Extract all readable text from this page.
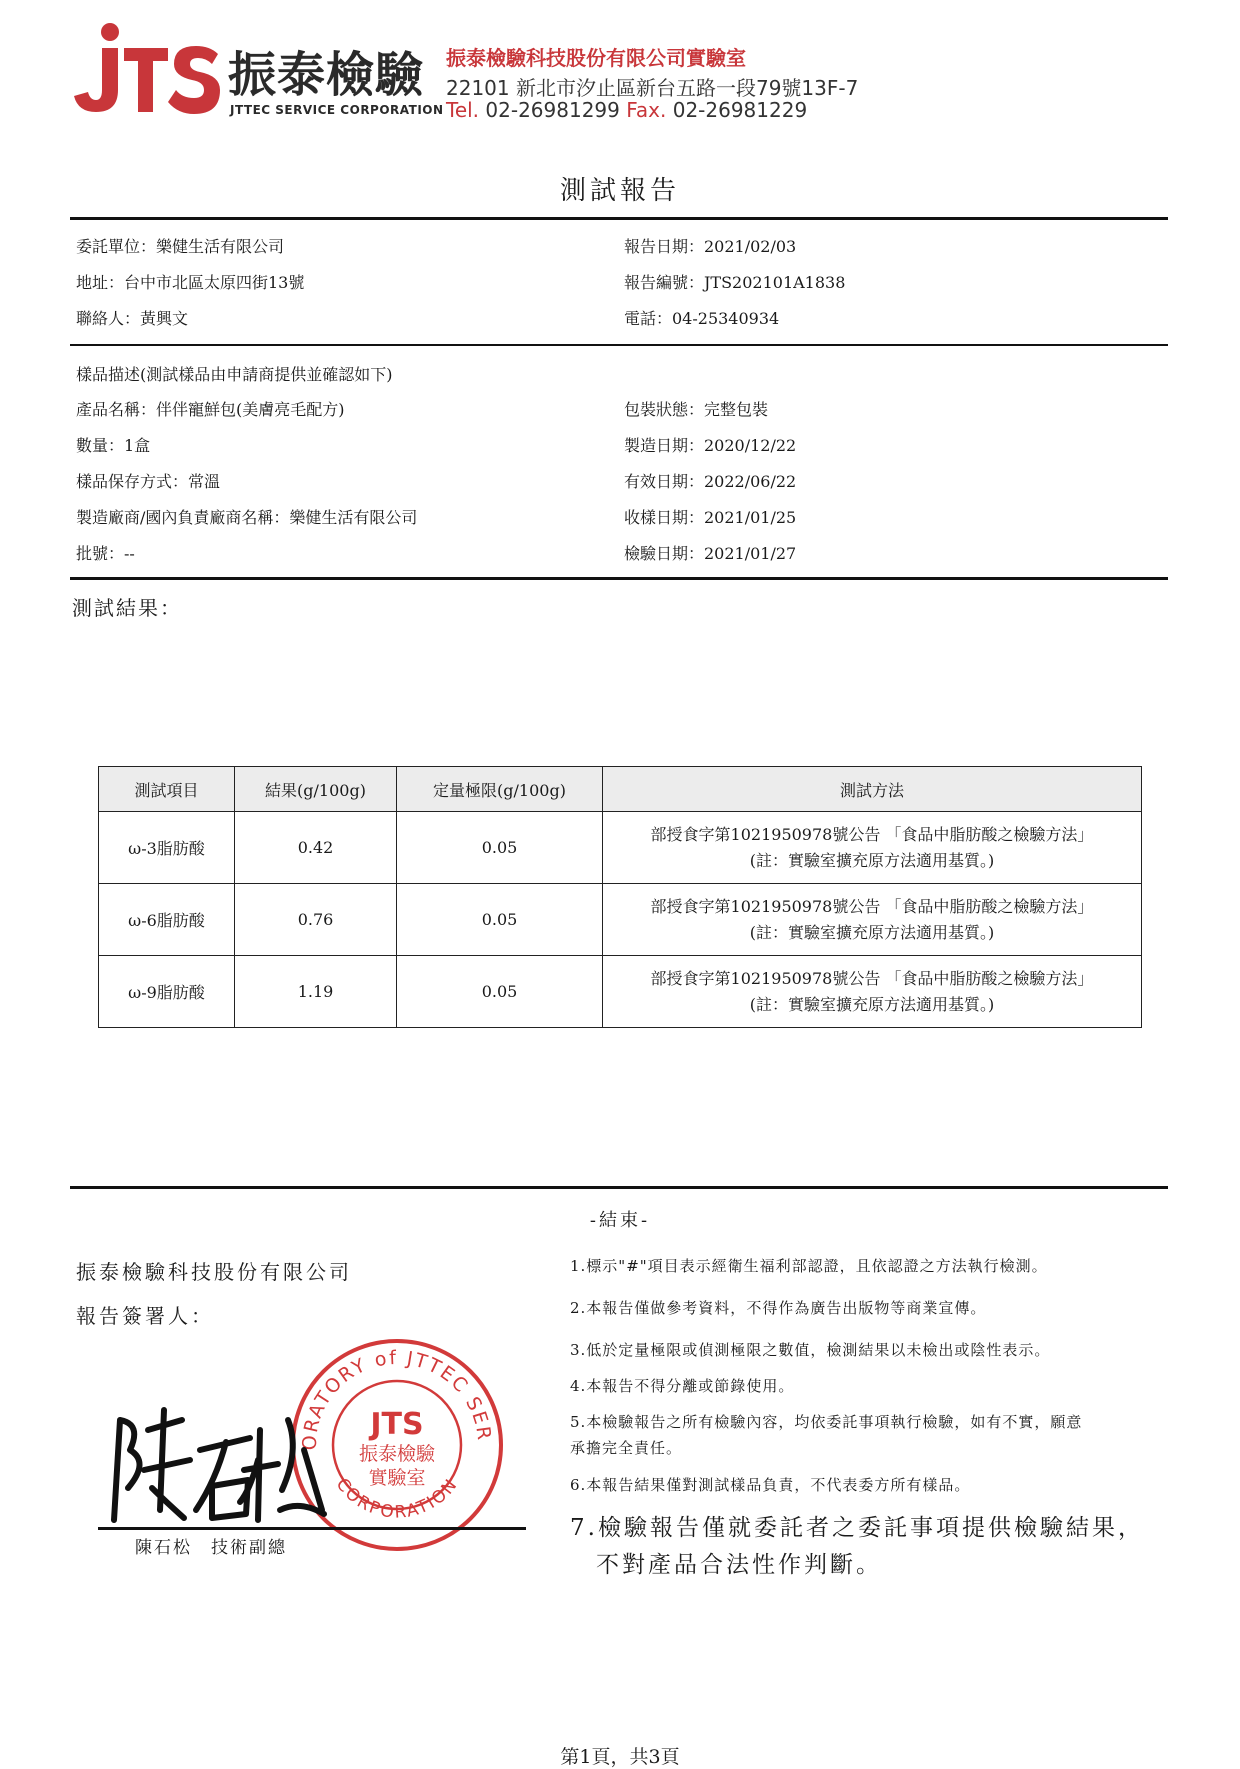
振泰檢驗
JTTEC SERVICE CORPORATION
振泰檢驗科技股份有限公司實驗室
22101 新北市汐止區新台五路一段79號13F-7
Tel. 02-26981299 Fax. 02-26981229
測試報告
委託單位：樂健生活有限公司
地址：台中市北區太原四街13號
聯絡人：黃興文
報告日期：2021/02/03
報告編號：JTS202101A1838
電話：04-25340934
樣品描述(測試樣品由申請商提供並確認如下)
產品名稱：伴伴寵鮮包(美膚亮毛配方)
數量：1盒
樣品保存方式：常溫
製造廠商/國內負責廠商名稱：樂健生活有限公司
批號：--
包裝狀態：完整包裝
製造日期：2020/12/22
有效日期：2022/06/22
收樣日期：2021/01/25
檢驗日期：2021/01/27
測試結果：
測試項目	結果(g/100g)	定量極限(g/100g)	測試方法
ω-3脂肪酸	0.42	0.05	部授食字第1021950978號公告 「食品中脂肪酸之檢驗方法」
(註：實驗室擴充原方法適用基質。)

ω-6脂肪酸	0.76	0.05	部授食字第1021950978號公告 「食品中脂肪酸之檢驗方法」
(註：實驗室擴充原方法適用基質。)

ω-9脂肪酸	1.19	0.05	部授食字第1021950978號公告 「食品中脂肪酸之檢驗方法」
(註：實驗室擴充原方法適用基質。)
-結束-
振泰檢驗科技股份有限公司
報告簽署人：
ORATORY of JTTEC SER
CORPORATION
JTS
振泰檢驗
實驗室
陳石松　技術副總
1.標示"#"項目表示經衛生福利部認證，且依認證之方法執行檢測。
2.本報告僅做參考資料，不得作為廣告出版物等商業宣傳。
3.低於定量極限或偵測極限之數值，檢測結果以未檢出或陰性表示。
4.本報告不得分離或節錄使用。
5.本檢驗報告之所有檢驗內容，均依委託事項執行檢驗，如有不實，願意
承擔完全責任。
6.本報告結果僅對測試樣品負責，不代表委方所有樣品。
7.檢驗報告僅就委託者之委託事項提供檢驗結果，
不對產品合法性作判斷。
第1頁，共3頁
